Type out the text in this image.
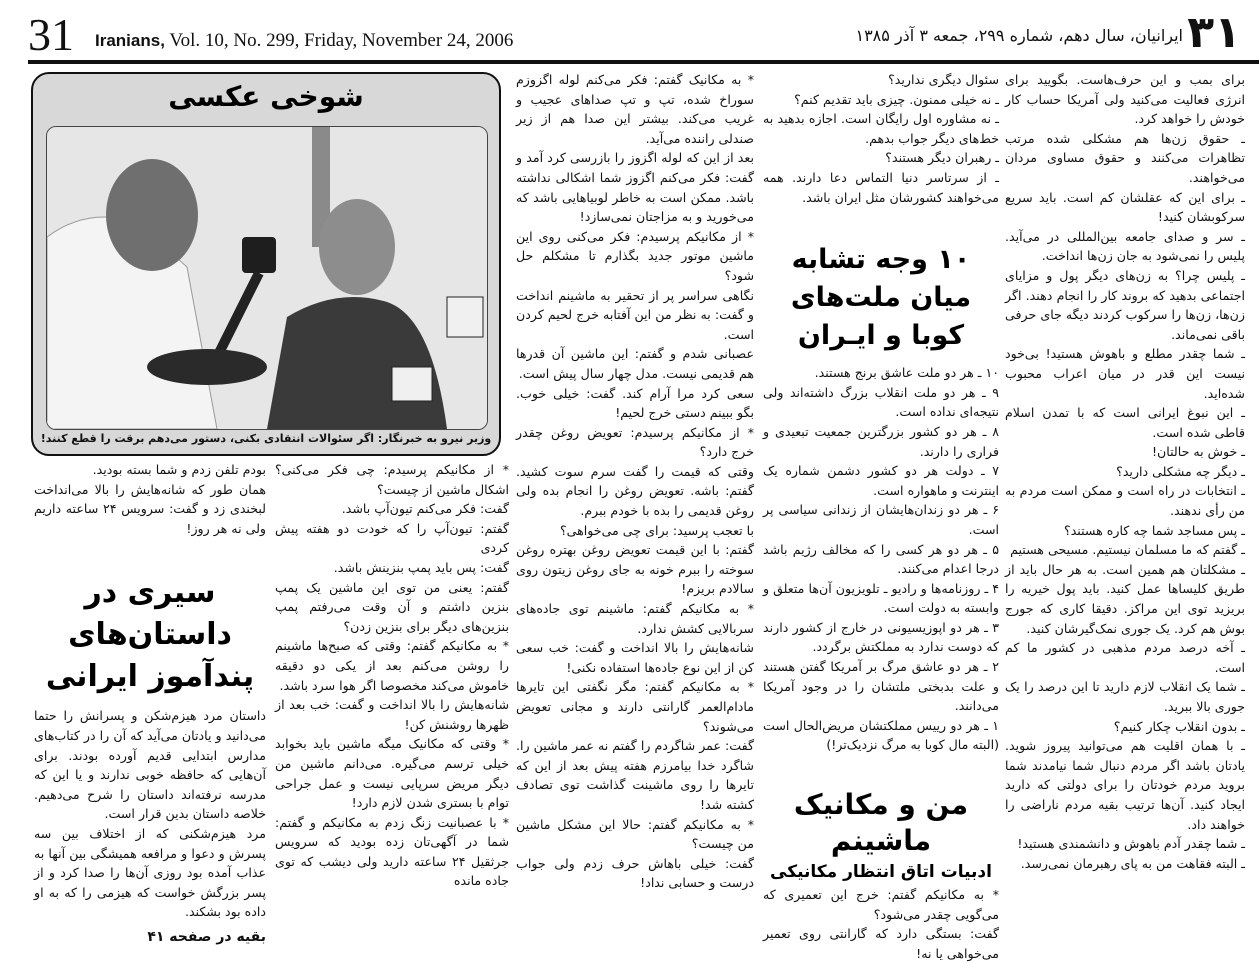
31 Iranians, Vol. 10, No. 299, Friday, November 24, 2006	۳۱
ایرانیان، سال دهم، شماره ۲۹۹، جمعه ۳ آذر ۱۳۸۵
شوخی عکسی
وزیر نیرو به خبرنگار: اگر سئوالات انتقادی بکنی، دستور می‌دهم برقت را قطع کنند!

برای بمب و این حرف‌هاست. بگویید برای انرژی فعالیت می‌کنید ولی آمریکا حساب کار خودش را خواهد کرد.

ـ حقوق زن‌ها هم مشکلی شده مرتب تظاهرات می‌کنند و حقوق مساوی مردان می‌خواهند.

ـ برای این که عقلشان کم است. باید سریع سرکوبشان کنید!

ـ سر و صدای جامعه بین‌المللی در می‌آید. پلیس را نمی‌شود به جان زن‌ها انداخت.

ـ پلیس چرا؟ به زن‌های دیگر پول و مزایای اجتماعی بدهید که بروند کار را انجام دهند. اگر زن‌ها، زن‌ها را سرکوب کردند دیگه جای حرفی باقی نمی‌ماند.

ـ شما چقدر مطلع و باهوش هستید! بی‌خود نیست این قدر در میان اعراب محبوب شده‌اید.

ـ این نبوغ ایرانی است که با تمدن اسلام قاطی شده است.

ـ خوش به حالتان!

ـ دیگر چه مشکلی دارید؟

ـ انتخابات در راه است و ممکن است مردم به من رأی ندهند.

ـ پس مساجد شما چه کاره هستند؟

ـ گفتم که ما مسلمان نیستیم. مسیحی هستیم

ـ مشکلتان هم همین است. به هر حال باید از طریق کلیساها عمل کنید. باید پول خیریه را بریزید توی این مراکز. دقیقا کاری که جورج بوش هم کرد. یک جوری نمک‌گیرشان کنید.

ـ آخه درصد مردم مذهبی در کشور ما کم است.

ـ شما یک انقلاب لازم دارید تا این درصد را یک جوری بالا ببرید.

ـ بدون انقلاب چکار کنیم؟

ـ با همان اقلیت هم می‌توانید پیروز شوید. یادتان باشد اگر مردم دنبال شما نیامدند شما بروید مردم خودتان را برای دولتی که دارید ایجاد کنید. آن‌ها ترتیب بقیه مردم ناراضی را خواهند داد.

ـ شما چقدر آدم باهوش و دانشمندی هستید!

ـ البته فقاهت من به پای رهبرمان نمی‌رسد.

سئوال دیگری ندارید؟

ـ نه خیلی ممنون. چیزی باید تقدیم کنم؟

ـ نه مشاوره اول رایگان است. اجازه بدهید به خط‌های دیگر جواب بدهم.

ـ رهبران دیگر هستند؟

ـ از سرتاسر دنیا التماس دعا دارند. همه می‌خواهند کشورشان مثل ایران باشد.

۱۰ وجه تشابه میان ملت‌های کوبا و ایـران

۱۰ ـ هر دو ملت عاشق برنج هستند.

۹ ـ هر دو ملت انقلاب بزرگ داشته‌اند ولی نتیجه‌ای نداده است.

۸ ـ هر دو کشور بزرگترین جمعیت تبعیدی و فراری را دارند.

۷ ـ دولت هر دو کشور دشمن شماره یک اینترنت و ماهواره است.

۶ ـ هر دو زندان‌هایشان از زندانی سیاسی پر است.

۵ ـ هر دو هر کسی را که مخالف رژیم باشد درجا اعدام می‌کنند.

۴ ـ روزنامه‌ها و رادیو ـ تلویزیون آن‌ها متعلق و وابسته به دولت است.

۳ ـ هر دو اپوزیسیونی در خارج از کشور دارند که دوست ندارد به مملکتش برگردد.

۲ ـ هر دو عاشق مرگ بر آمریکا گفتن هستند و علت بدبختی ملتشان را در وجود آمریکا می‌دانند.

۱ ـ هر دو رییس مملکتشان مریض‌الحال است (البته مال کوبا به مرگ نزدیک‌تر!)

من و مکانیک ماشینم
ادبیات اتاق انتظار مکانیکی

* به مکانیکم گفتم: خرج این تعمیری که می‌گویی چقدر می‌شود؟

گفت: بستگی دارد که گارانتی روی تعمیر می‌خواهی یا نه!

* به مکانیک گفتم: فکر می‌کنم لوله اگزوزم سوراخ شده، تپ و تپ صداهای عجیب و غریب می‌کند. بیشتر این صدا هم از زیر صندلی راننده می‌آید.

بعد از این که لوله اگزوز را بازرسی کرد آمد و گفت: فکر می‌کنم اگزوز شما اشکالی نداشته باشد. ممکن است به خاطر لوبیاهایی باشد که می‌خورید و به مزاجتان نمی‌سازد!

* از مکانیکم پرسیدم: فکر می‌کنی روی این ماشین موتور جدید بگذارم تا مشکلم حل شود؟

نگاهی سراسر پر از تحقیر به ماشینم انداخت و گفت: به نظر من این آفتابه خرج لحیم کردن است.

عصبانی شدم و گفتم: این ماشین آن قدرها هم قدیمی نیست. مدل چهار سال پیش است.

سعی کرد مرا آرام کند. گفت: خیلی خوب. بگو ببینم دستی خرج لحیم!

* از مکانیکم پرسیدم: تعویض روغن چقدر خرج دارد؟

وقتی که قیمت را گفت سرم سوت کشید. گفتم: باشه. تعویض روغن را انجام بده ولی روغن قدیمی را بده با خودم ببرم.

با تعجب پرسید: برای چی می‌خواهی؟

گفتم: با این قیمت تعویض روغن بهتره روغن سوخته را ببرم خونه به جای روغن زیتون روی سالادم بریزم!

* به مکانیکم گفتم: ماشینم توی جاده‌های سربالایی کشش ندارد.

شانه‌هایش را بالا انداخت و گفت: خب سعی کن از این نوع جاده‌ها استفاده نکنی!

* به مکانیکم گفتم: مگر نگفتی این تایرها مادام‌العمر گارانتی دارند و مجانی تعویض می‌شوند؟

گفت: عمر شاگردم را گفتم نه عمر ماشین را. شاگرد خدا بیامرزم هفته پیش بعد از این که تایرها را روی ماشینت گذاشت توی تصادف کشته شد!

* به مکانیکم گفتم: حالا این مشکل ماشین من چیست؟

گفت: خیلی باهاش حرف زدم ولی جواب درست و حسابی نداد!

* از مکانیکم پرسیدم: چی فکر می‌کنی؟ اشکال ماشین از چیست؟

گفت: فکر می‌کنم تیون‌آپ باشد.

گفتم: تیون‌آپ را که خودت دو هفته پیش کردی

گفت: پس باید پمپ بنزینش باشد.

گفتم: یعنی من توی این ماشین یک پمپ بنزین داشتم و آن وقت می‌رفتم پمپ بنزین‌های دیگر برای بنزین زدن؟

* به مکانیکم گفتم: وقتی که صبح‌ها ماشینم را روشن می‌کنم بعد از یکی دو دقیقه خاموش می‌کند مخصوصا اگر هوا سرد باشد.

شانه‌هایش را بالا انداخت و گفت: خب بعد از ظهرها روشنش کن!

* وقتی که مکانیک میگه ماشین باید بخوابد خیلی ترسم می‌گیره. می‌دانم ماشین من دیگر مریض سرپایی نیست و عمل جراحی توام با بستری شدن لازم دارد!

* با عصبانیت زنگ زدم به مکانیکم و گفتم: شما در آگهی‌تان زده بودید که سرویس جرثقیل ۲۴ ساعته دارید ولی دیشب که توی جاده مانده

بودم تلفن زدم و شما بسته بودید.

همان طور که شانه‌هایش را بالا می‌انداخت لبخندی زد و گفت: سرویس ۲۴ ساعته داریم ولی نه هر روز!

سیری در داستان‌های پندآموز ایرانی

داستان مرد هیزم‌شکن و پسرانش را حتما می‌دانید و یادتان می‌آید که آن را در کتاب‌های مدارس ابتدایی قدیم آورده بودند. برای آن‌هایی که حافظه خوبی ندارند و یا این که مدرسه نرفته‌اند داستان را شرح می‌دهیم. خلاصه داستان بدین قرار است.

مرد هیزم‌شکنی که از اختلاف بین سه پسرش و دعوا و مرافعه همیشگی بین آنها به عذاب آمده بود روزی آن‌ها را صدا کرد و از پسر بزرگش خواست که هیزمی را که به او داده بود بشکند.

بقیه در صفحه ۴۱
